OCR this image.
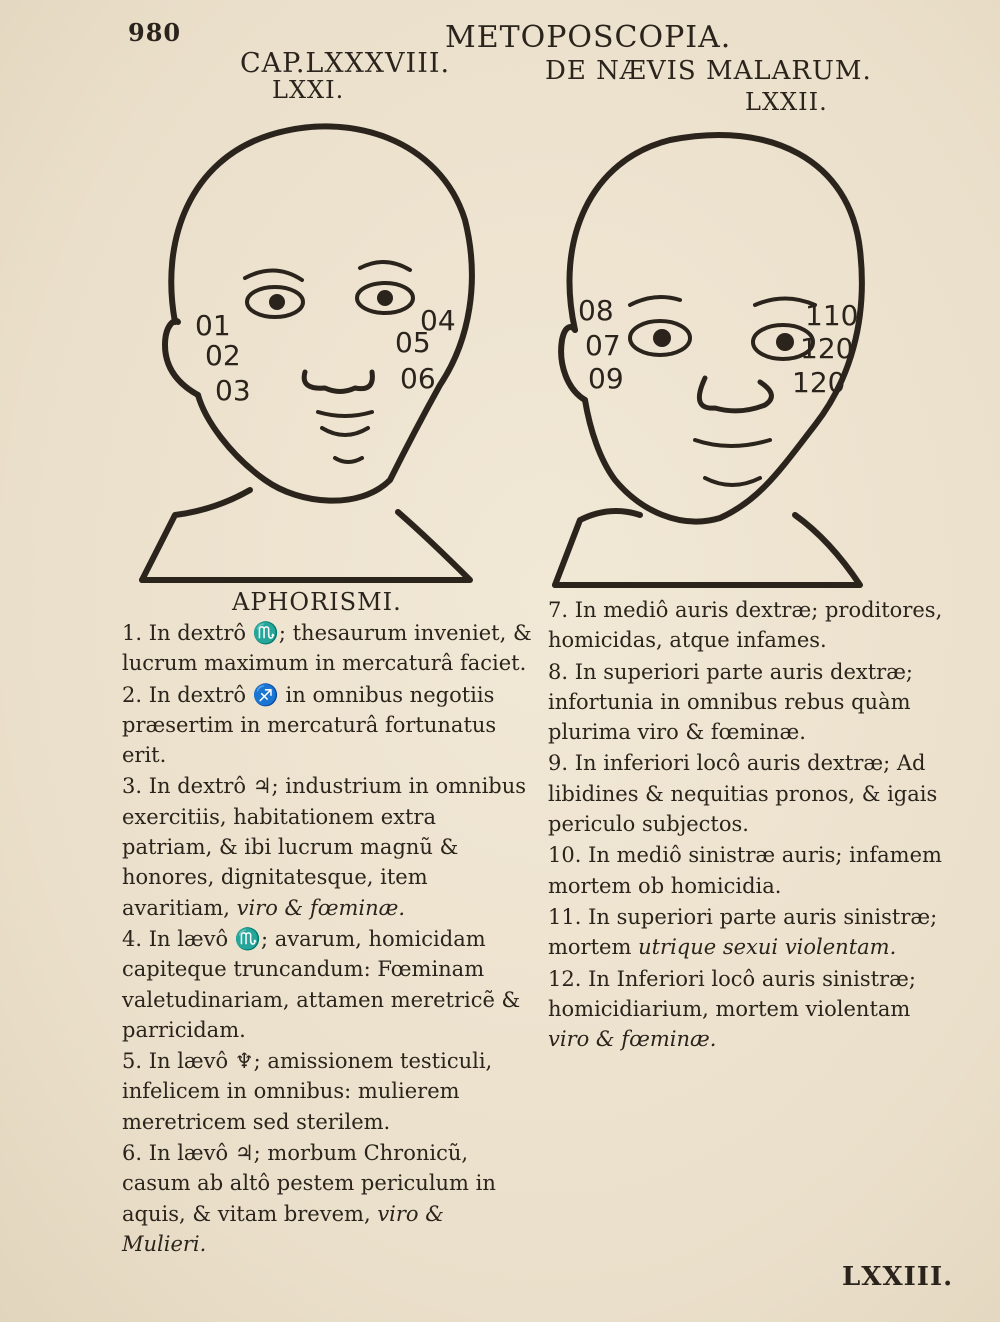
980	METOPOSCOPIA.
CAP.LXXXVIII.
LXXI.
DE NÆVIS MALARUM.
LXXII.
01
02
03
04
05
06
08
07
09
110
120
120
APHORISMI.

1. In dextrô ♏; thesaurum inveniet, & lucrum maximum in mercaturâ faciet.

2. In dextrô ♐ in omnibus negotiis præsertim in mercaturâ fortunatus erit.

3. In dextrô ♃; industrium in omnibus exercitiis, habitationem extra patriam, & ibi lucrum magnũ & honores, dignitatesque, item avaritiam, viro & fœminæ.

4. In lævô ♏; avarum, homicidam capiteque truncandum: Fœminam valetudinariam, attamen meretricẽ & parricidam.

5. In lævô ♆; amissionem testiculi, infelicem in omnibus: mulierem meretricem sed sterilem.

6. In lævô ♃; morbum Chronicũ, casum ab altô pestem periculum in aquis, & vitam brevem, viro & Mulieri.

7. In mediô auris dextræ; proditores, homicidas, atque infames.

8. In superiori parte auris dextræ; infortunia in omnibus rebus quàm plurima viro & fœminæ.

9. In inferiori locô auris dextræ; Ad libidines & nequitias pronos, & igais periculo subjectos.

10. In mediô sinistræ auris; infamem mortem ob homicidia.

11. In superiori parte auris sinistræ; mortem utrique sexui violentam.

12. In Inferiori locô auris sinistræ; homicidiarium, mortem violentam viro & fœminæ.

LXXIII.
